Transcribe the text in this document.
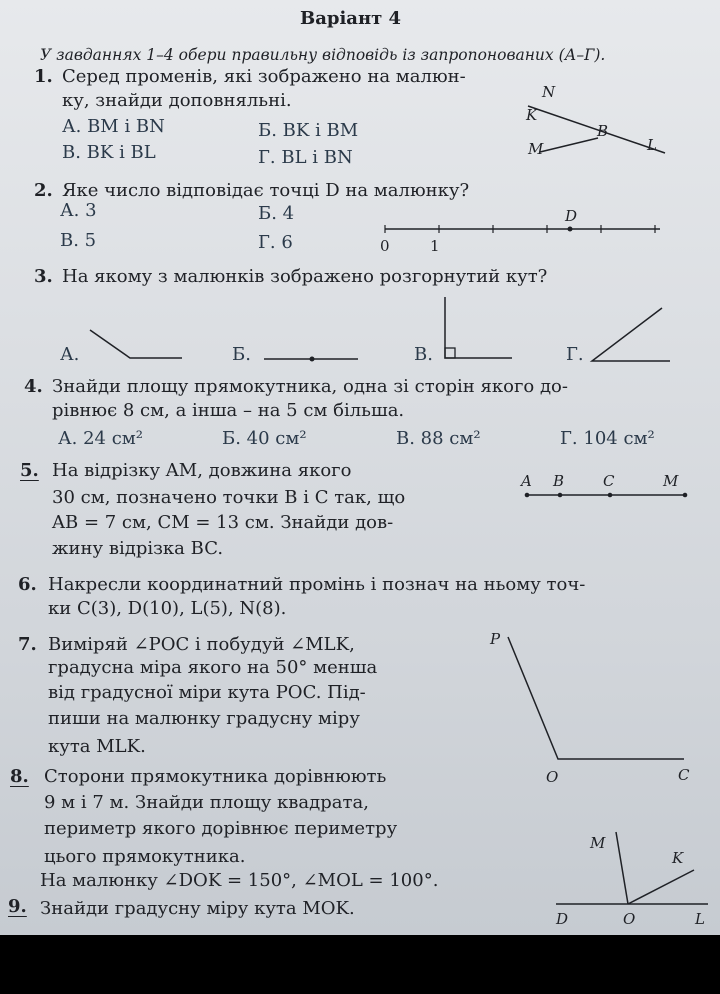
Варіант 4
У завданнях 1–4 обери правильну відповідь із запропонованих (А–Г).
1. Серед променів, які зображено на малюн-
ку, знайди доповняльні.
А. BM і BN	Б. BK і BM
В. BK і BL	Г. BL і BN
N
K
B
L
M
2. Яке число відповідає точці D на малюнку?
А. 3	Б. 4
В. 5	Г. 6
D
0	1
3. На якому з малюнків зображено розгорнутий кут?
А.	Б.	В.	Г.
4. Знайди площу прямокутника, одна зі сторін якого до-
рівнює 8 см, а інша – на 5 см більша.
А. 24 см²	Б. 40 см²	В. 88 см²	Г. 104 см²
5. На відрізку AM, довжина якого
30 см, позначено точки B і C так, що
AB = 7 см, CM = 13 см. Знайди дов-
жину відрізка BC.
A B	C	M
6. Накресли координатний промінь і познач на ньому точ-
ки C(3), D(10), L(5), N(8).
7. Виміряй ∠POC і побудуй ∠MLK,
градусна міра якого на 50° менша
від градусної міри кута POC. Під-
пиши на малюнку градусну міру
кута MLK.
P
O	C
8. Сторони прямокутника дорівнюють
9 м і 7 м. Знайди площу квадрата,
периметр якого дорівнює периметру
цього прямокутника.
9.
На малюнку ∠DOK = 150°, ∠MOL = 100°.
Знайди градусну міру кута MOK.
M
K
D	O	L
